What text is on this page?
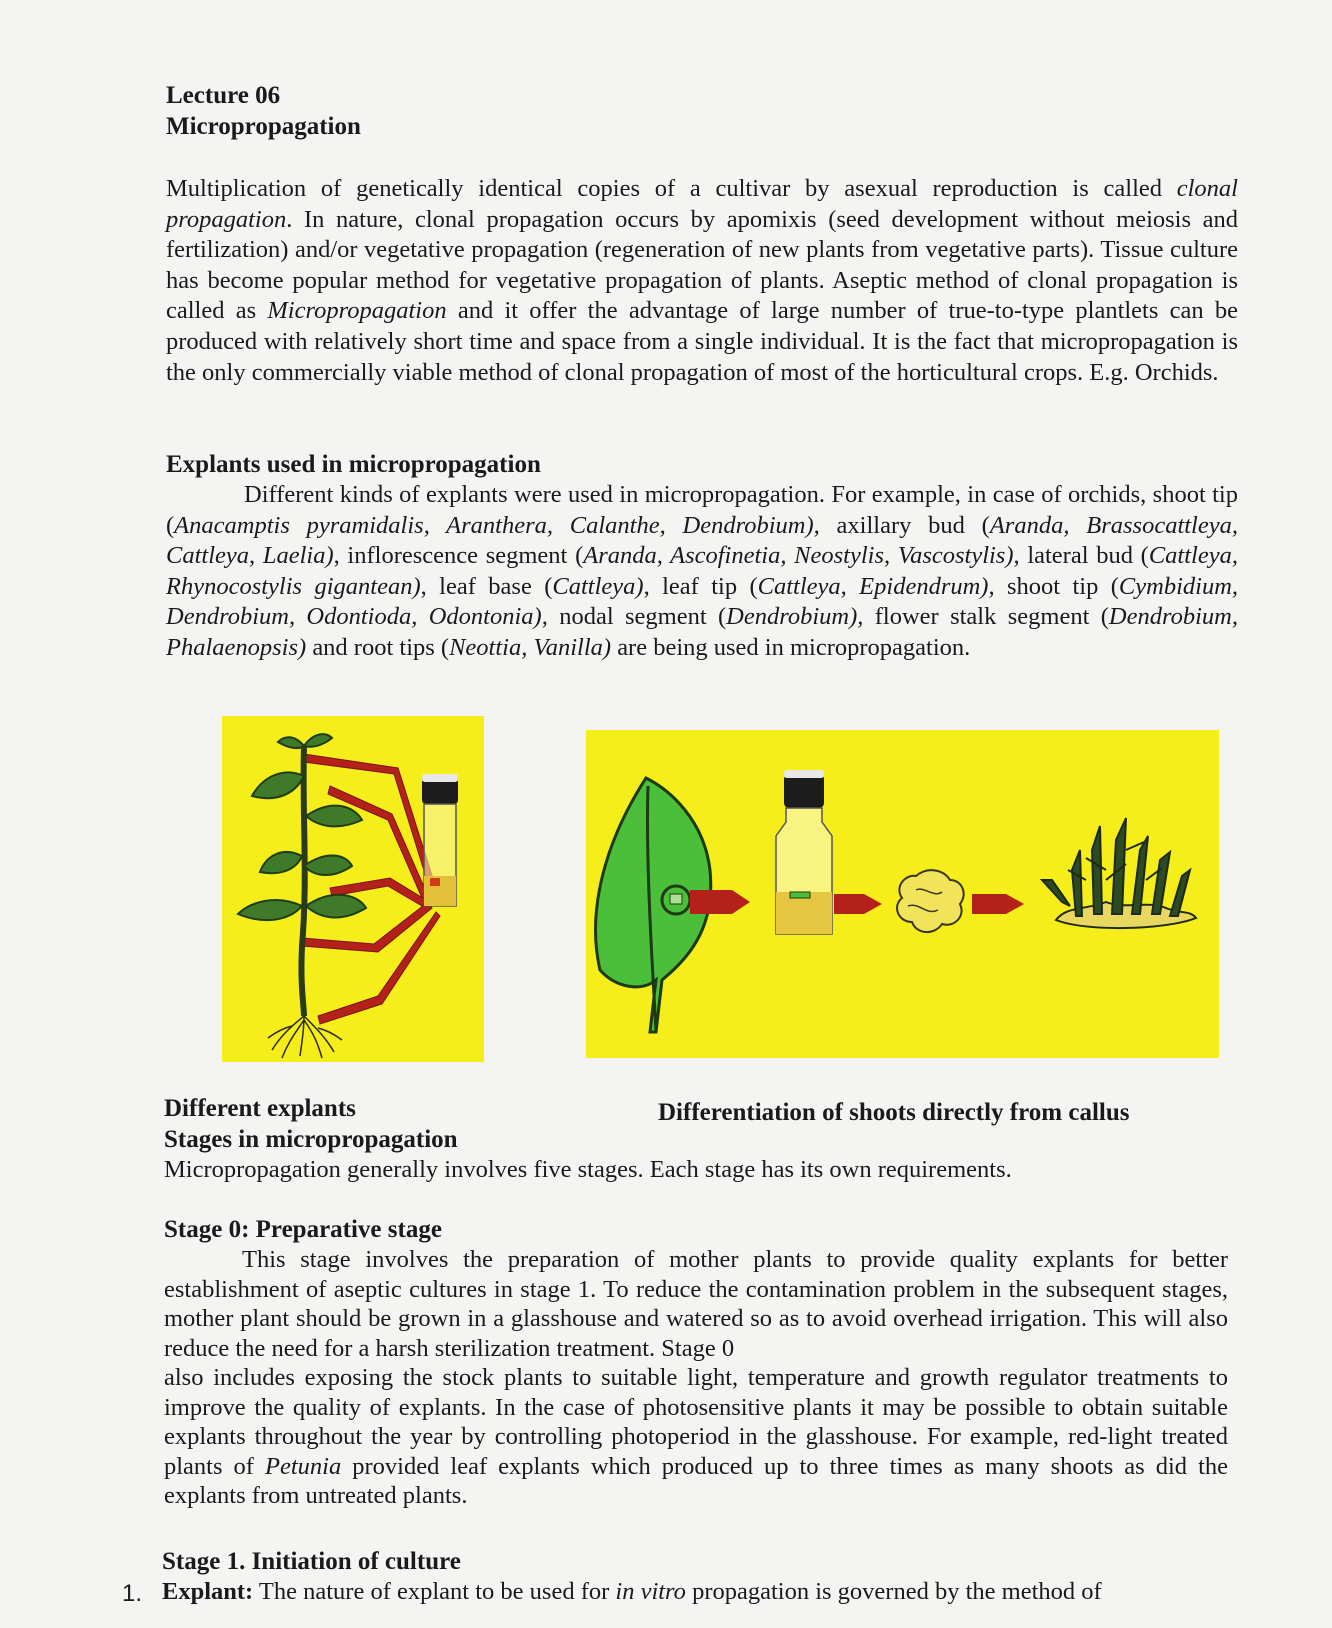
Lecture 06

Micropropagation

Multiplication of genetically identical copies of a cultivar by asexual reproduction is called clonal propagation. In nature, clonal propagation occurs by apomixis (seed development without meiosis and fertilization) and/or vegetative propagation (regeneration of new plants from vegetative parts). Tissue culture has become popular method for vegetative propagation of plants. Aseptic method of clonal propagation is called as Micropropagation and it offer the advantage of large number of true-to-type plantlets can be produced with relatively short time and space from a single individual. It is the fact that micropropagation is the only commercially viable method of clonal propagation of most of the horticultural crops. E.g. Orchids.

Explants used in micropropagation

Different kinds of explants were used in micropropagation. For example, in case of orchids, shoot tip (Anacamptis pyramidalis, Aranthera, Calanthe, Dendrobium), axillary bud (Aranda, Brassocattleya, Cattleya, Laelia), inflorescence segment (Aranda, Ascofinetia, Neostylis, Vascostylis), lateral bud (Cattleya, Rhynocostylis gigantean), leaf base (Cattleya), leaf tip (Cattleya, Epidendrum), shoot tip (Cymbidium, Dendrobium, Odontioda, Odontonia), nodal segment (Dendrobium), flower stalk segment (Dendrobium, Phalaenopsis) and root tips (Neottia, Vanilla) are being used in micropropagation.

Different explants	Differentiation of shoots directly from callus

Stages in micropropagation

Micropropagation generally involves five stages. Each stage has its own requirements.

Stage 0: Preparative stage

This stage involves the preparation of mother plants to provide quality explants for better establishment of aseptic cultures in stage 1. To reduce the contamination problem in the subsequent stages, mother plant should be grown in a glasshouse and watered so as to avoid overhead irrigation. This will also reduce the need for a harsh sterilization treatment. Stage 0

also includes exposing the stock plants to suitable light, temperature and growth regulator treatments to improve the quality of explants. In the case of photosensitive plants it may be possible to obtain suitable explants throughout the year by controlling photoperiod in the glasshouse. For example, red-light treated plants of Petunia provided leaf explants which produced up to three times as many shoots as did the explants from untreated plants.

Stage 1. Initiation of culture

Explant: The nature of explant to be used for in vitro propagation is governed by the method of

1.
